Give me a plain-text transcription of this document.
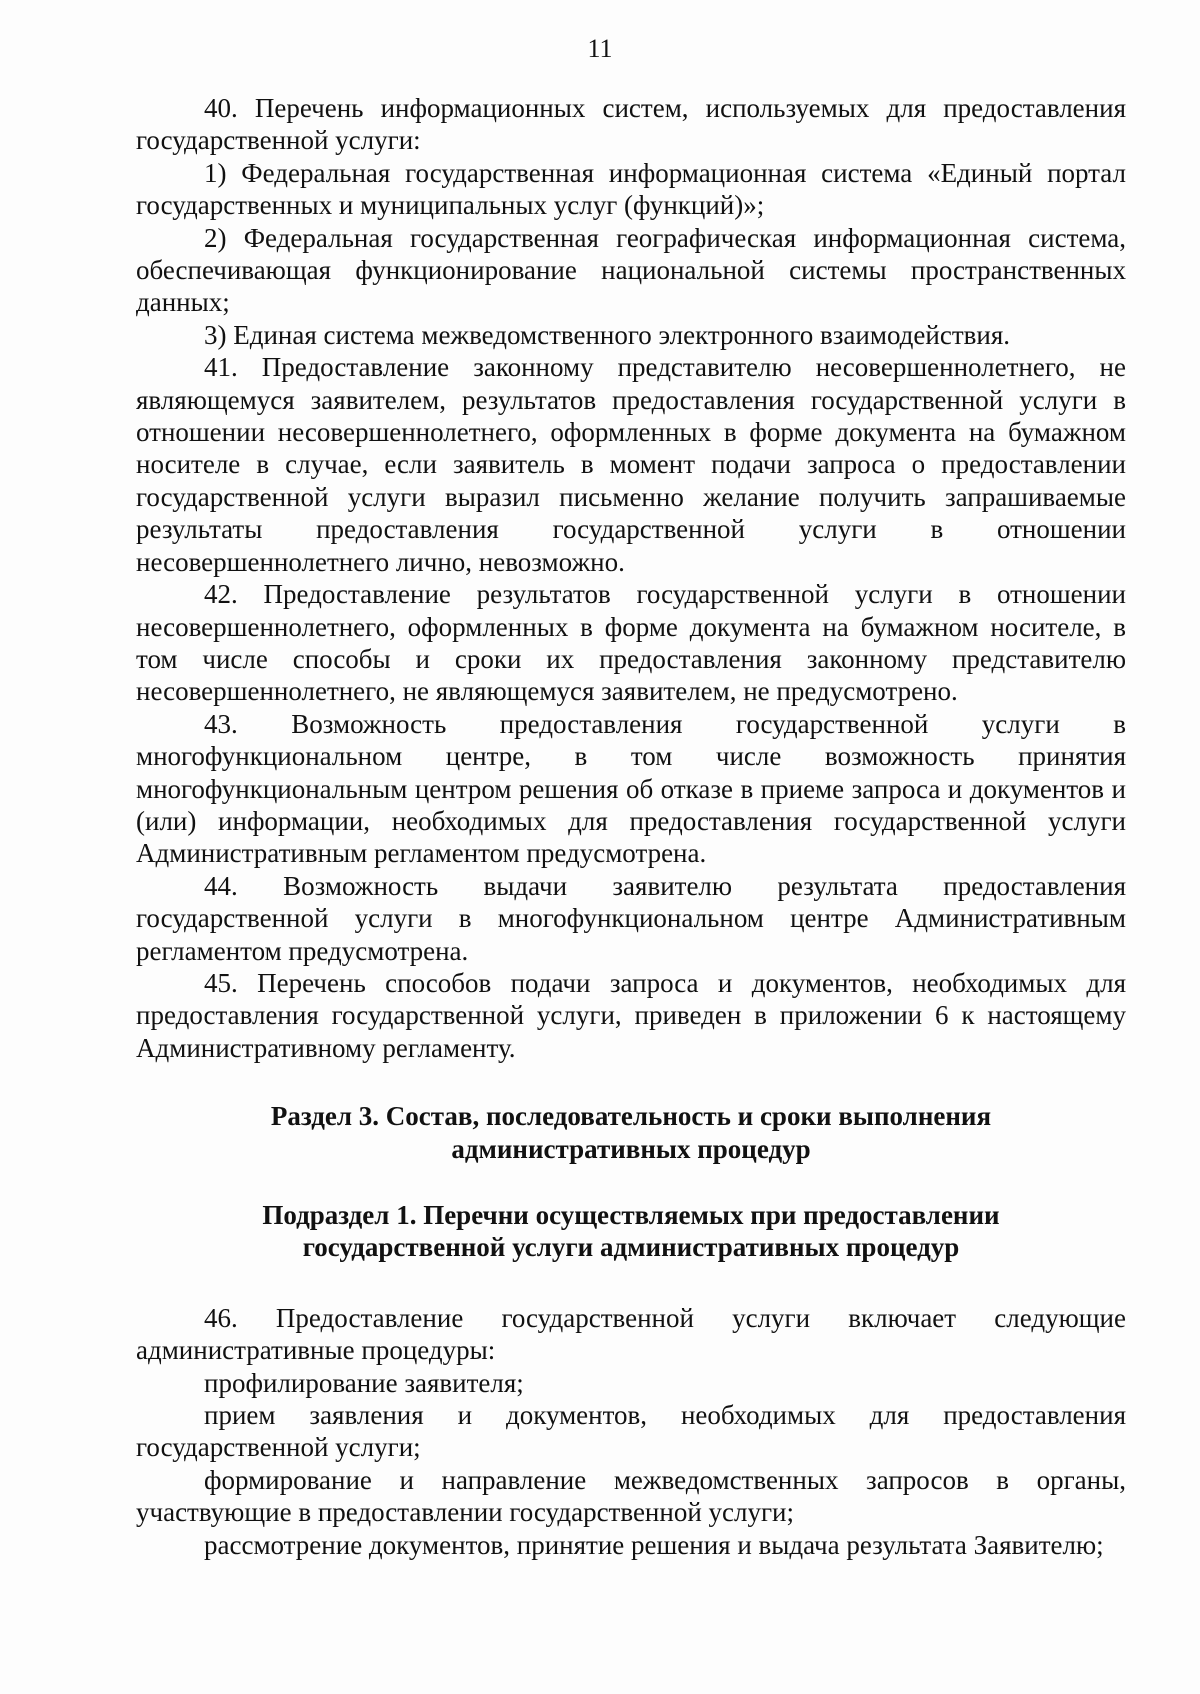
11

40. Перечень информационных систем, используемых для предоставления государственной услуги:

1) Федеральная государственная информационная система «Единый портал государственных и муниципальных услуг (функций)»;

2) Федеральная государственная географическая информационная система, обеспечивающая функционирование национальной системы пространственных данных;

3) Единая система межведомственного электронного взаимодействия.

41. Предоставление законному представителю несовершеннолетнего, не являющемуся заявителем, результатов предоставления государственной услуги в отношении несовершеннолетнего, оформленных в форме документа на бумажном носителе в случае, если заявитель в момент подачи запроса о предоставлении государственной услуги выразил письменно желание получить запрашиваемые результаты предоставления государственной услуги в отношении несовершеннолетнего лично, невозможно.

42. Предоставление результатов государственной услуги в отношении несовершеннолетнего, оформленных в форме документа на бумажном носителе, в том числе способы и сроки их предоставления законному представителю несовершеннолетнего, не являющемуся заявителем, не предусмотрено.

43. Возможность предоставления государственной услуги в многофункциональном центре, в том числе возможность принятия многофункциональным центром решения об отказе в приеме запроса и документов и (или) информации, необходимых для предоставления государственной услуги Административным регламентом предусмотрена.

44. Возможность выдачи заявителю результата предоставления государственной услуги в многофункциональном центре Административным регламентом предусмотрена.

45. Перечень способов подачи запроса и документов, необходимых для предоставления государственной услуги, приведен в приложении 6 к настоящему Административному регламенту.

Раздел 3. Состав, последовательность и сроки выполнения
административных процедур
Подраздел 1. Перечни осуществляемых при предоставлении
государственной услуги административных процедур

46. Предоставление государственной услуги включает следующие административные процедуры:

профилирование заявителя;

прием заявления и документов, необходимых для предоставления государственной услуги;

формирование и направление межведомственных запросов в органы, участвующие в предоставлении государственной услуги;

рассмотрение документов, принятие решения и выдача результата Заявителю;
